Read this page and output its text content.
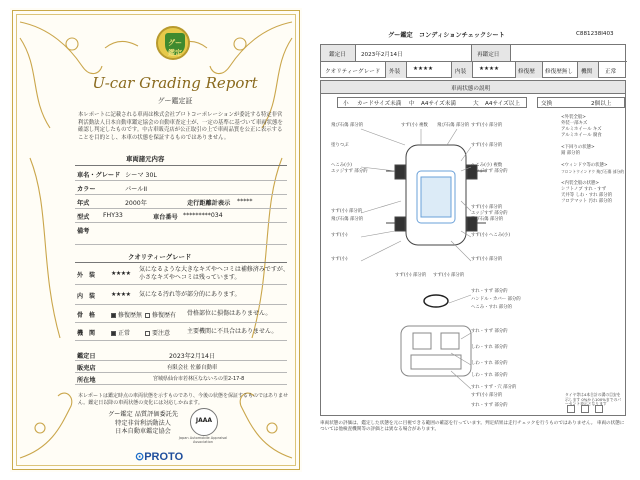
グー鑑定
U-car Grading Report
グー鑑定証
本レポートに記載される車両は株式会社プロトコーポレーションが委託する特定非営利活動法人日本自動車鑑定協会の自動車査定士が、一定の基準に基づいて車両状態を確認し判定したものです。中古車販売店が公正取引の上で車両品質を公正に表示することを目的とし、本車の状態を保証するものではありません。
車両諸元内容
車名・グレード シーマ 30L
カラー	パールII
年式	2000年	走行距離計表示 *****
型式 FHY33	車台番号 *********034
備考
クオリティーグレード
外　装	★★★★
気になるような大きなキズやヘコミは補修済みですが、小さなキズやヘコミは残っています。
内　装	★★★★ 気になる汚れ等が部分的にあります。
骨　格	修復歴無	修復歴有 骨格部位に損傷はありません。
機　関	正常	要注意	主要機関に不具合はありません。
鑑定日	2023年2月14日
販売店	有限会社 佐藤自動車
所在地	宮城県仙台市若林区なないろの里2-17-8
本レポートは鑑定時点の車両状態を示すものであり、今後の状態を保証するものではありません。鑑定日以降の車両状態の変化には対応しかねます。
グー鑑定 品質評価委託先
特定非営利活動法人
日本自動車鑑定協会
JAAA
Japan Automobile Appraisal Association
⊙PROTO
グー鑑定　コンディションチェックシート	C881238I403
鑑定日	2023年2月14日	再鑑定日
クオリティーグレード 外装 ★★★★	内装 ★★★★	修復歴 修復歴無し 機関 正常
車両状態の説明
小 カードサイズ未満 中 A4サイズ未満	大 A4サイズ以上	交換	2個以上
飛び石傷 部分的	すず(小) 複数 飛び石傷 部分的 すず(小) 部分的
塗りつぶ	すず(小) 部分的
へこみ(小)
エッジすず 部分的
へこみ(小) 複数
エッジすず 部分的
すず(小) 部分的
飛び石傷 部分的
すず(小) 部分的
エッジすず 部分的
飛び石傷 部分的
すず(小)	すず(小) へこみ(小)
すず(小)	すず(小) 部分的
すず(小) 部分的 すず(小) 部分的
すれ・すず 部分的
ハンドル・カバー 部分的
へこみ・すれ 部分的
すれ・すず 部分的
しわ・すれ 部分的
しわ・すれ 部分的
しわ・すれ 部分的
すれ・すず・穴 部分的
すず(小) 部分的
すれ・すず 部分的
<外装全般>
外装一部キズ
アルミホイール キズ
アルミホイール 腐食
<下回りの状態>
錆 部分的
<ウィンドウ等の状態>
フロントウインドウ 飛び石傷 部分的
<内装全般の状態>
シフトノブ すれ・すず
天井等 しわ・すれ 部分的
フロアマット 汚れ 部分的
タイヤ等は4本合計の溝の目安を示します 0%から100%までのパーセント表示となります
車両状態の評価は、鑑定した状態を元に目視できる範囲の確認を行っています。判定結果は走行チェックを行うものではありません。 車両の状態については他検査機関等の評価とは異なる場合があります。
